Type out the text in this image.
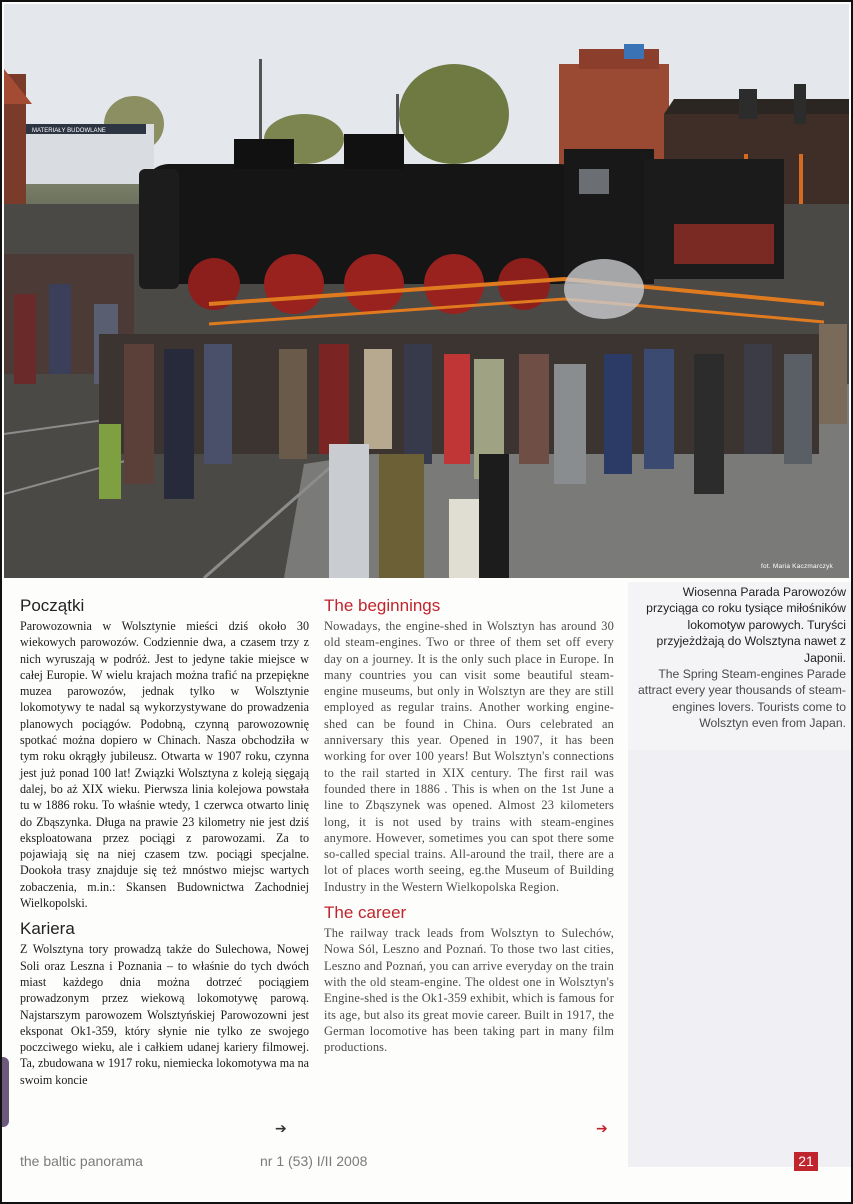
MATERIAŁY BUDOWLANE
fot. Maria Kaczmarczyk
Początki

Parowozownia w Wolsztynie mieści dziś około 30 wiekowych parowozów. Codziennie dwa, a czasem trzy z nich wyruszają w podróż. Jest to jedyne takie miejsce w całej Europie. W wielu krajach można trafić na przepiękne muzea parowozów, jednak tylko w Wolsztynie lokomotywy te nadal są wykorzystywane do prowadzenia planowych pociągów. Podobną, czynną parowozownię spotkać można dopiero w Chinach. Nasza obchodziła w tym roku okrągły jubileusz. Otwarta w 1907 roku, czynna jest już ponad 100 lat! Związki Wolsztyna z koleją sięgają dalej, bo aż XIX wieku. Pierwsza linia kolejowa powstała tu w 1886 roku. To właśnie wtedy, 1 czerwca otwarto linię do Zbąszynka. Długa na prawie 23 kilometry nie jest dziś eksploatowana przez pociągi z parowozami. Za to pojawiają się na niej czasem tzw. pociągi specjalne. Dookoła trasy znajduje się też mnóstwo miejsc wartych zobaczenia, m.in.: Skansen Budownictwa Zachodniej Wielkopolski.

Kariera

Z Wolsztyna tory prowadzą także do Sulechowa, Nowej Soli oraz Leszna i Poznania – to właśnie do tych dwóch miast każdego dnia można dotrzeć pociągiem prowadzonym przez wiekową lokomotywę parową. Najstarszym parowozem Wolsztyńskiej Parowozowni jest eksponat Ok1-359, który słynie nie tylko ze swojego poczciwego wieku, ale i całkiem udanej kariery filmowej. Ta, zbudowana w 1917 roku, niemiecka lokomotywa ma na swoim koncie

➔
The beginnings

Nowadays, the engine-shed in Wolsztyn has around 30 old steam-engines. Two or three of them set off every day on a journey. It is the only such place in Europe. In many countries you can visit some beautiful steam-engine museums, but only in Wolsztyn are they are still employed as regular trains. Another working engine-shed can be found in China. Ours celebrated an anniversary this year. Opened in 1907, it has been working for over 100 years! But Wolsztyn's connections to the rail started in XIX century. The first rail was founded there in 1886 . This is when on the 1st June a line to Zbąszynek was opened. Almost 23 kilometers long, it is not used by trains with steam-engines anymore. However, sometimes you can spot there some so-called special trains. All-around the trail, there are a lot of places worth seeing, eg.the Museum of Building Industry in the Western Wielkopolska Region.

The career

The railway track leads from Wolsztyn to Sulechów, Nowa Sól, Leszno and Poznań. To those two last cities, Leszno and Poznań, you can arrive everyday on the train with the old steam-engine. The oldest one in Wolsztyn's Engine-shed is the Ok1-359 exhibit, which is famous for its age, but also its great movie career. Built in 1917, the German locomotive has been taking part in many film productions.

➔

Wiosenna Parada Parowozów przyciąga co roku tysiące miłośników lokomotyw parowych. Turyści przyjeżdżają do Wolsztyna nawet z Japonii.

The Spring Steam-engines Parade attract every year thousands of steam-engines lovers. Tourists come to Wolsztyn even from Japan.

the baltic panorama	nr 1 (53) I/II 2008	21
